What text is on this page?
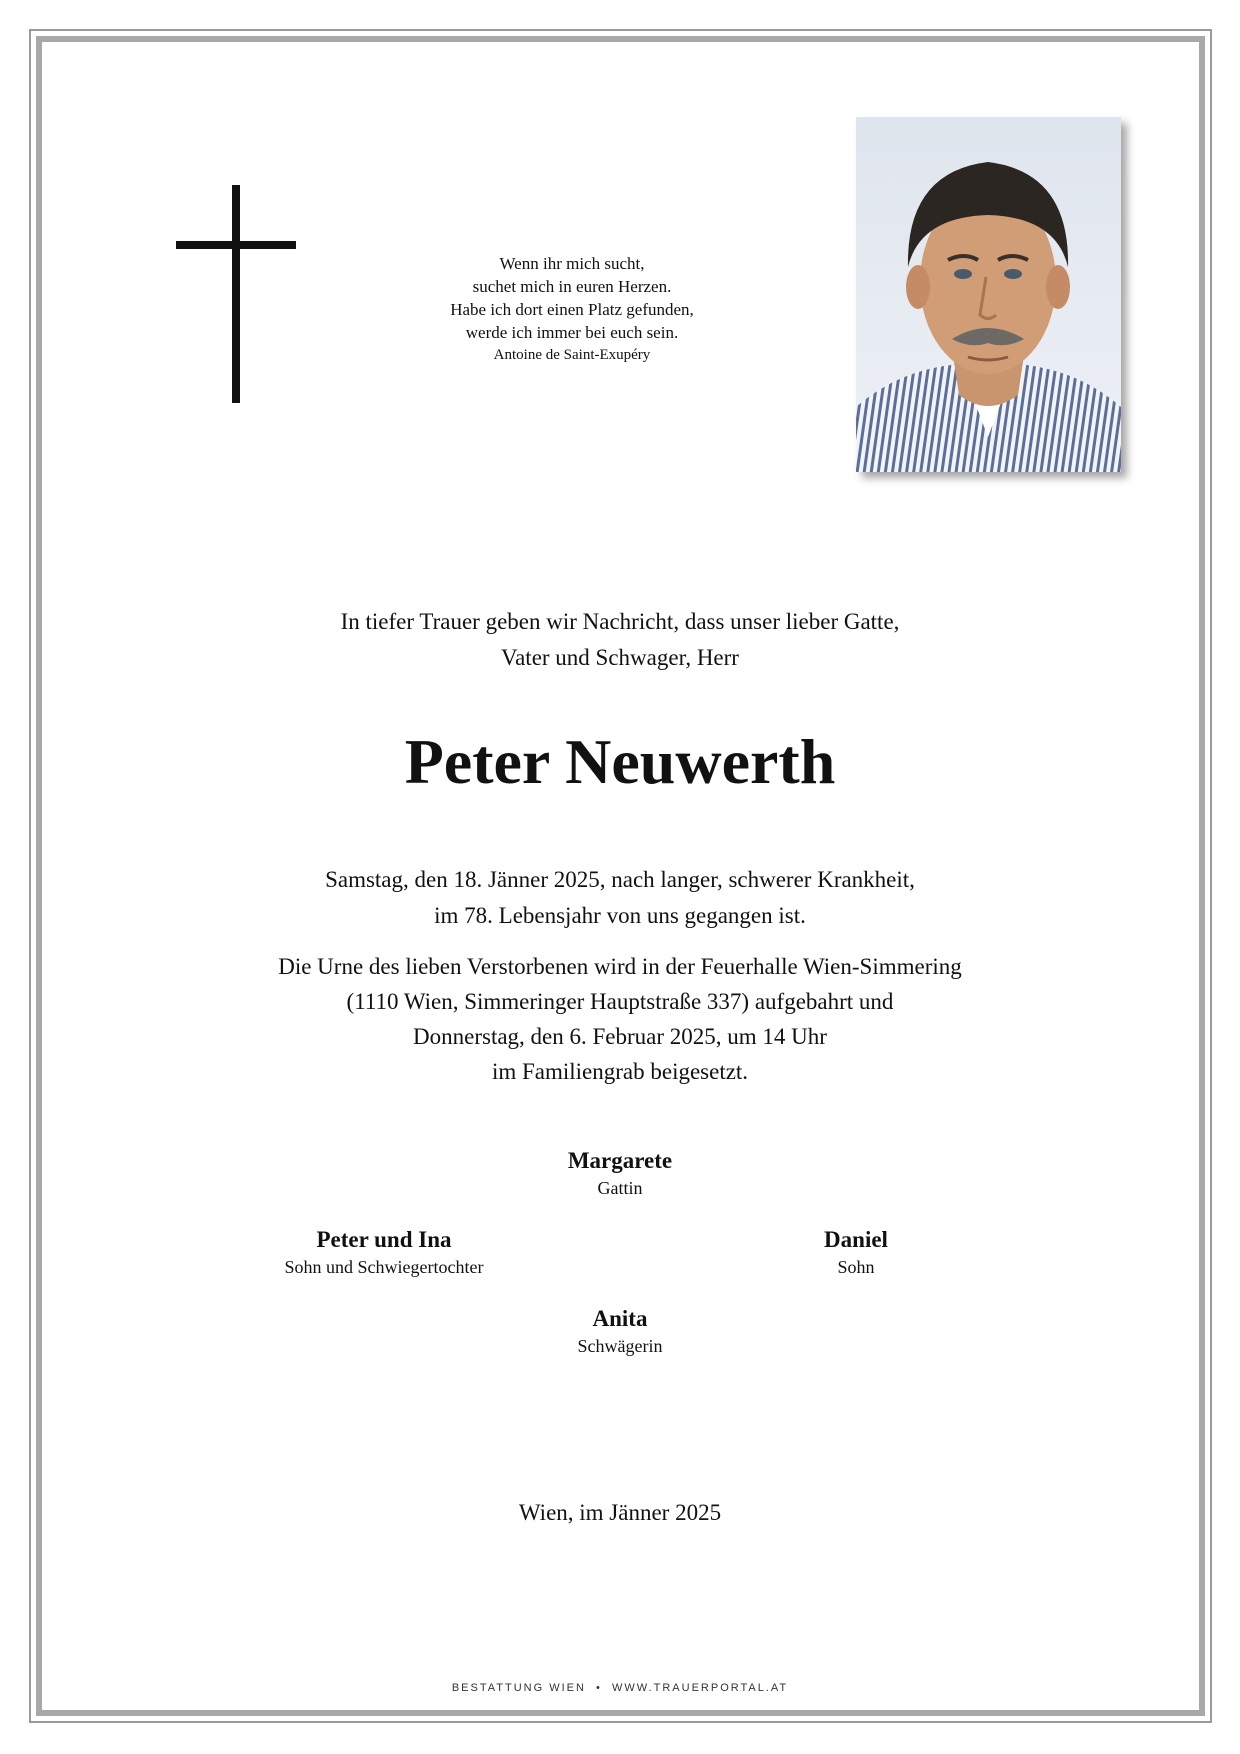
Wenn ihr mich sucht,
suchet mich in euren Herzen.
Habe ich dort einen Platz gefunden,
werde ich immer bei euch sein.
Antoine de Saint-Exupéry
In tiefer Trauer geben wir Nachricht, dass unser lieber Gatte,
Vater und Schwager, Herr
Peter Neuwerth
Samstag, den 18. Jänner 2025, nach langer, schwerer Krankheit,
im 78. Lebensjahr von uns gegangen ist.
Die Urne des lieben Verstorbenen wird in der Feuerhalle Wien-Simmering
(1110 Wien, Simmeringer Hauptstraße 337) aufgebahrt und
Donnerstag, den 6. Februar 2025, um 14 Uhr
im Familiengrab beigesetzt.
Margarete
Gattin
Peter und Ina
Sohn und Schwiegertochter
Daniel
Sohn
Anita
Schwägerin
Wien, im Jänner 2025
BESTATTUNG WIEN • WWW.TRAUERPORTAL.AT
